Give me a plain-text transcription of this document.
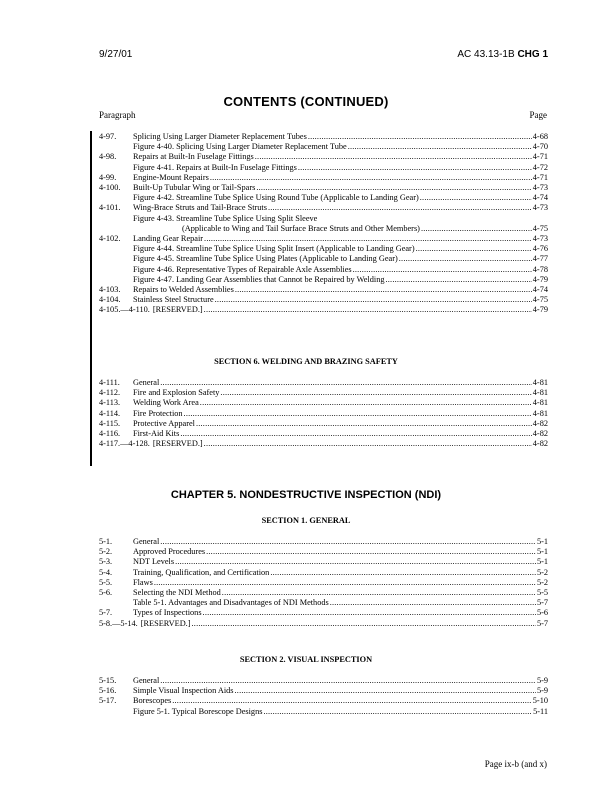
9/27/01	AC 43.13-1B CHG 1
CONTENTS (CONTINUED)
Paragraph	Page
4-97. Splicing Using Larger Diameter Replacement Tubes .....	4-68
Figure 4-40. Splicing Using Larger Diameter Replacement Tube .....	4-70
4-98. Repairs at Built-In Fuselage Fittings .....	4-71
Figure 4-41. Repairs at Built-In Fuselage Fittings .....	4-72
4-99. Engine-Mount Repairs .....	4-71
4-100. Built-Up Tubular Wing or Tail-Spars .....	4-73
Figure 4-42. Streamline Tube Splice Using Round Tube (Applicable to Landing Gear) .....	4-74
4-101. Wing-Brace Struts and Tail-Brace Struts .....	4-73
Figure 4-43. Streamline Tube Splice Using Split Sleeve
(Applicable to Wing and Tail Surface Brace Struts and Other Members) .....	4-75
4-102. Landing Gear Repair .....	4-73
Figure 4-44. Streamline Tube Splice Using Split Insert (Applicable to Landing Gear) .....	4-76
Figure 4-45. Streamline Tube Splice Using Plates (Applicable to Landing Gear) .....	4-77
Figure 4-46. Representative Types of Repairable Axle Assemblies .....	4-78
Figure 4-47. Landing Gear Assemblies that Cannot be Repaired by Welding .....	4-79
4-103. Repairs to Welded Assemblies .....	4-74
4-104. Stainless Steel Structure .....	4-75
4-105.—4-110. [RESERVED.] .....	4-79
SECTION 6. WELDING AND BRAZING SAFETY
4-111. General .....	4-81
4-112. Fire and Explosion Safety .....	4-81
4-113. Welding Work Area .....	4-81
4-114. Fire Protection .....	4-81
4-115. Protective Apparel .....	4-82
4-116. First-Aid Kits .....	4-82
4-117.—4-128. [RESERVED.] .....	4-82
CHAPTER 5. NONDESTRUCTIVE INSPECTION (NDI)
SECTION 1. GENERAL
5-1.	General .....	5-1
5-2.	Approved Procedures .....	5-1
5-3.	NDT Levels .....	5-1
5-4.	Training, Qualification, and Certification .....	5-2
5-5.	Flaws .....	5-2
5-6.	Selecting the NDI Method .....	5-5
Table 5-1. Advantages and Disadvantages of NDI Methods .....	5-7
5-7.	Types of Inspections .....	5-6
5-8.—5-14. [RESERVED.] .....	5-7
SECTION 2. VISUAL INSPECTION
5-15. General .....	5-9
5-16. Simple Visual Inspection Aids .....	5-9
5-17. Borescopes .....	5-10
Figure 5-1. Typical Borescope Designs .....	5-11
Page ix-b (and x)
